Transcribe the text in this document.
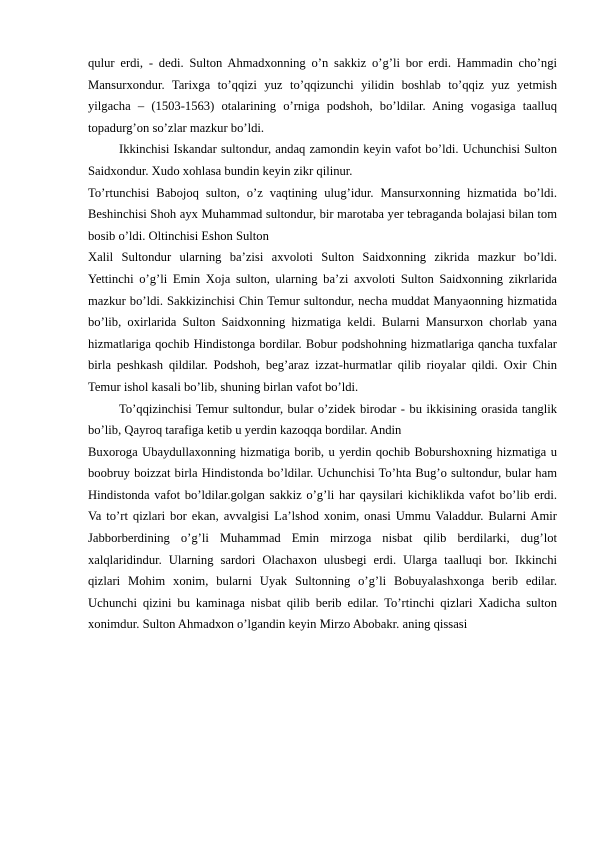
qulur erdi, - dedi. Sulton Ahmadxonning o’n sakkiz o’g’li bor erdi. Hammadin cho’ngi Mansurxondur. Tarixga to’qqizi yuz to’qqizunchi yilidin boshlab to’qqiz yuz yetmish yilgacha – (1503-1563) otalarining o’rniga podshoh, bo’ldilar. Aning vogasiga taalluq topadurg’on so’zlar mazkur bo’ldi.

Ikkinchisi Iskandar sultondur, andaq zamondin keyin vafot bo’ldi. Uchunchisi Sulton Saidxondur. Xudo xohlasa bundin keyin zikr qilinur.

To’rtunchisi Babojoq sulton, o’z vaqtining ulug’idur. Mansurxonning hizmatida bo’ldi. Beshinchisi Shoh ayx Muhammad sultondur, bir marotaba yer tebraganda bolajasi bilan tom bosib o’ldi. Oltinchisi Eshon Sulton

Xalil Sultondur ularning ba’zisi axvoloti Sulton Saidxonning zikrida mazkur bo’ldi. Yettinchi o’g’li Emin Xoja sulton, ularning ba’zi axvoloti Sulton Saidxonning zikrlarida mazkur bo’ldi. Sakkizinchisi Chin Temur sultondur, necha muddat Manyaonning hizmatida bo’lib, oxirlarida Sulton Saidxonning hizmatiga keldi. Bularni Mansurxon chorlab yana hizmatlariga qochib Hindistonga bordilar. Bobur podshohning hizmatlariga qancha tuxfalar birla peshkash qildilar. Podshoh, beg’araz izzat-hurmatlar qilib rioyalar qildi. Oxir Chin Temur ishol kasali bo’lib, shuning birlan vafot bo’ldi.

To’qqizinchisi Temur sultondur, bular o’zidek birodar - bu ikkisining orasida tanglik bo’lib, Qayroq tarafiga ketib u yerdin kazoqqa bordilar. Andin

Buxoroga Ubaydullaxonning hizmatiga borib, u yerdin qochib Boburshoxning hizmatiga u boobruy boizzat birla Hindistonda bo’ldilar. Uchunchisi To’hta Bug’o sultondur, bular ham Hindistonda vafot bo’ldilar.golgan sakkiz o’g’li har qaysilari kichiklikda vafot bo’lib erdi. Va to’rt qizlari bor ekan, avvalgisi La’lshod xonim, onasi Ummu Valaddur. Bularni Amir Jabborberdining o’g’li Muhammad Emin mirzoga nisbat qilib berdilarki, dug’lot xalqlaridindur. Ularning sardori Olachaxon ulusbegi erdi. Ularga taalluqi bor. Ikkinchi qizlari Mohim xonim, bularni Uyak Sultonning o’g’li Bobuyalashxonga berib edilar. Uchunchi qizini bu kaminaga nisbat qilib berib edilar. To’rtinchi qizlari Xadicha sulton xonimdur. Sulton Ahmadxon o’lgandin keyin Mirzo Abobakr. aning qissasi
